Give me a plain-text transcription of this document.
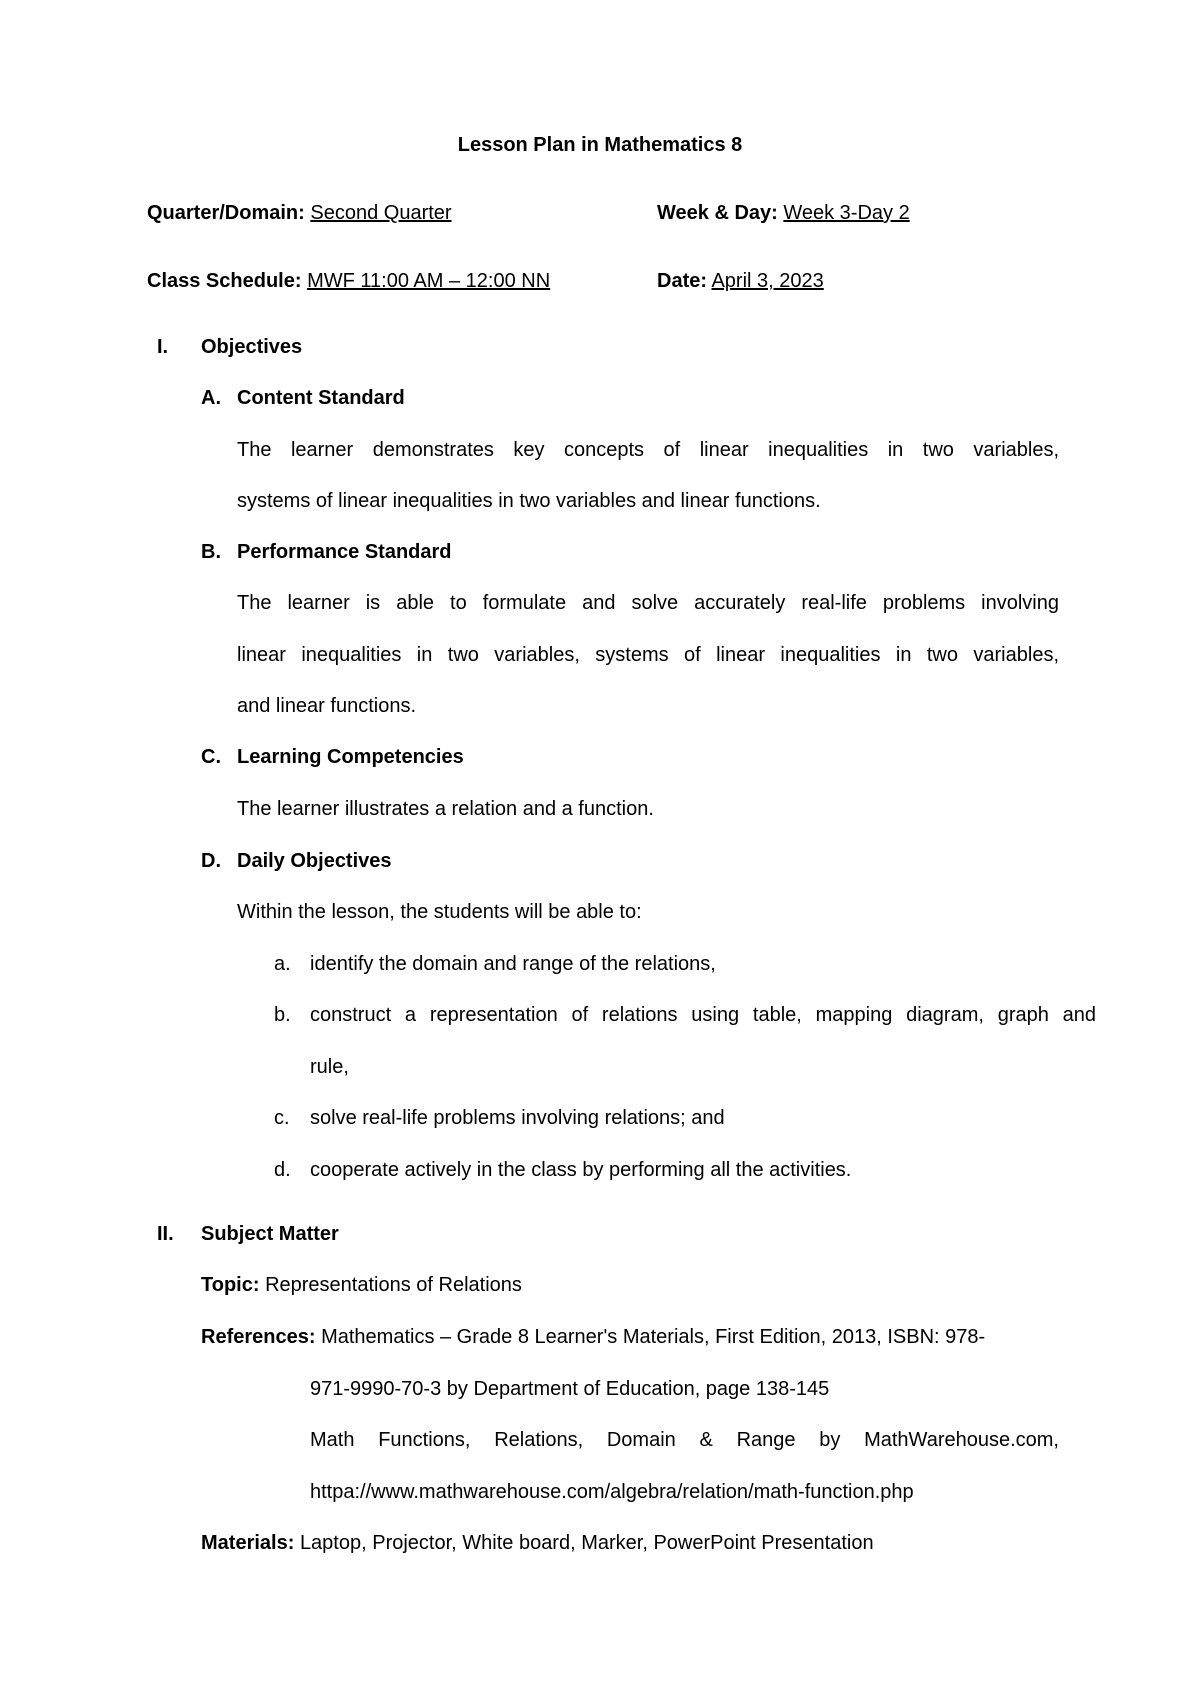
Lesson Plan in Mathematics 8
Quarter/Domain: Second Quarter	Week & Day: Week 3-Day 2
Class Schedule: MWF 11:00 AM – 12:00 NN	Date: April 3, 2023
I. Objectives
A. Content Standard
The learner demonstrates key concepts of linear inequalities in two variables,
systems of linear inequalities in two variables and linear functions.
B. Performance Standard
The learner is able to formulate and solve accurately real-life problems involving
linear inequalities in two variables, systems of linear inequalities in two variables,
and linear functions.
C. Learning Competencies
The learner illustrates a relation and a function.
D. Daily Objectives
Within the lesson, the students will be able to:
a. identify the domain and range of the relations,
b. construct a representation of relations using table, mapping diagram, graph and
rule,
c. solve real-life problems involving relations; and
d. cooperate actively in the class by performing all the activities.
II. Subject Matter
Topic: Representations of Relations
References: Mathematics – Grade 8 Learner's Materials, First Edition, 2013, ISBN: 978-
971-9990-70-3 by Department of Education, page 138-145
Math Functions, Relations, Domain & Range by MathWarehouse.com,
httpa://www.mathwarehouse.com/algebra/relation/math-function.php
Materials: Laptop, Projector, White board, Marker, PowerPoint Presentation
